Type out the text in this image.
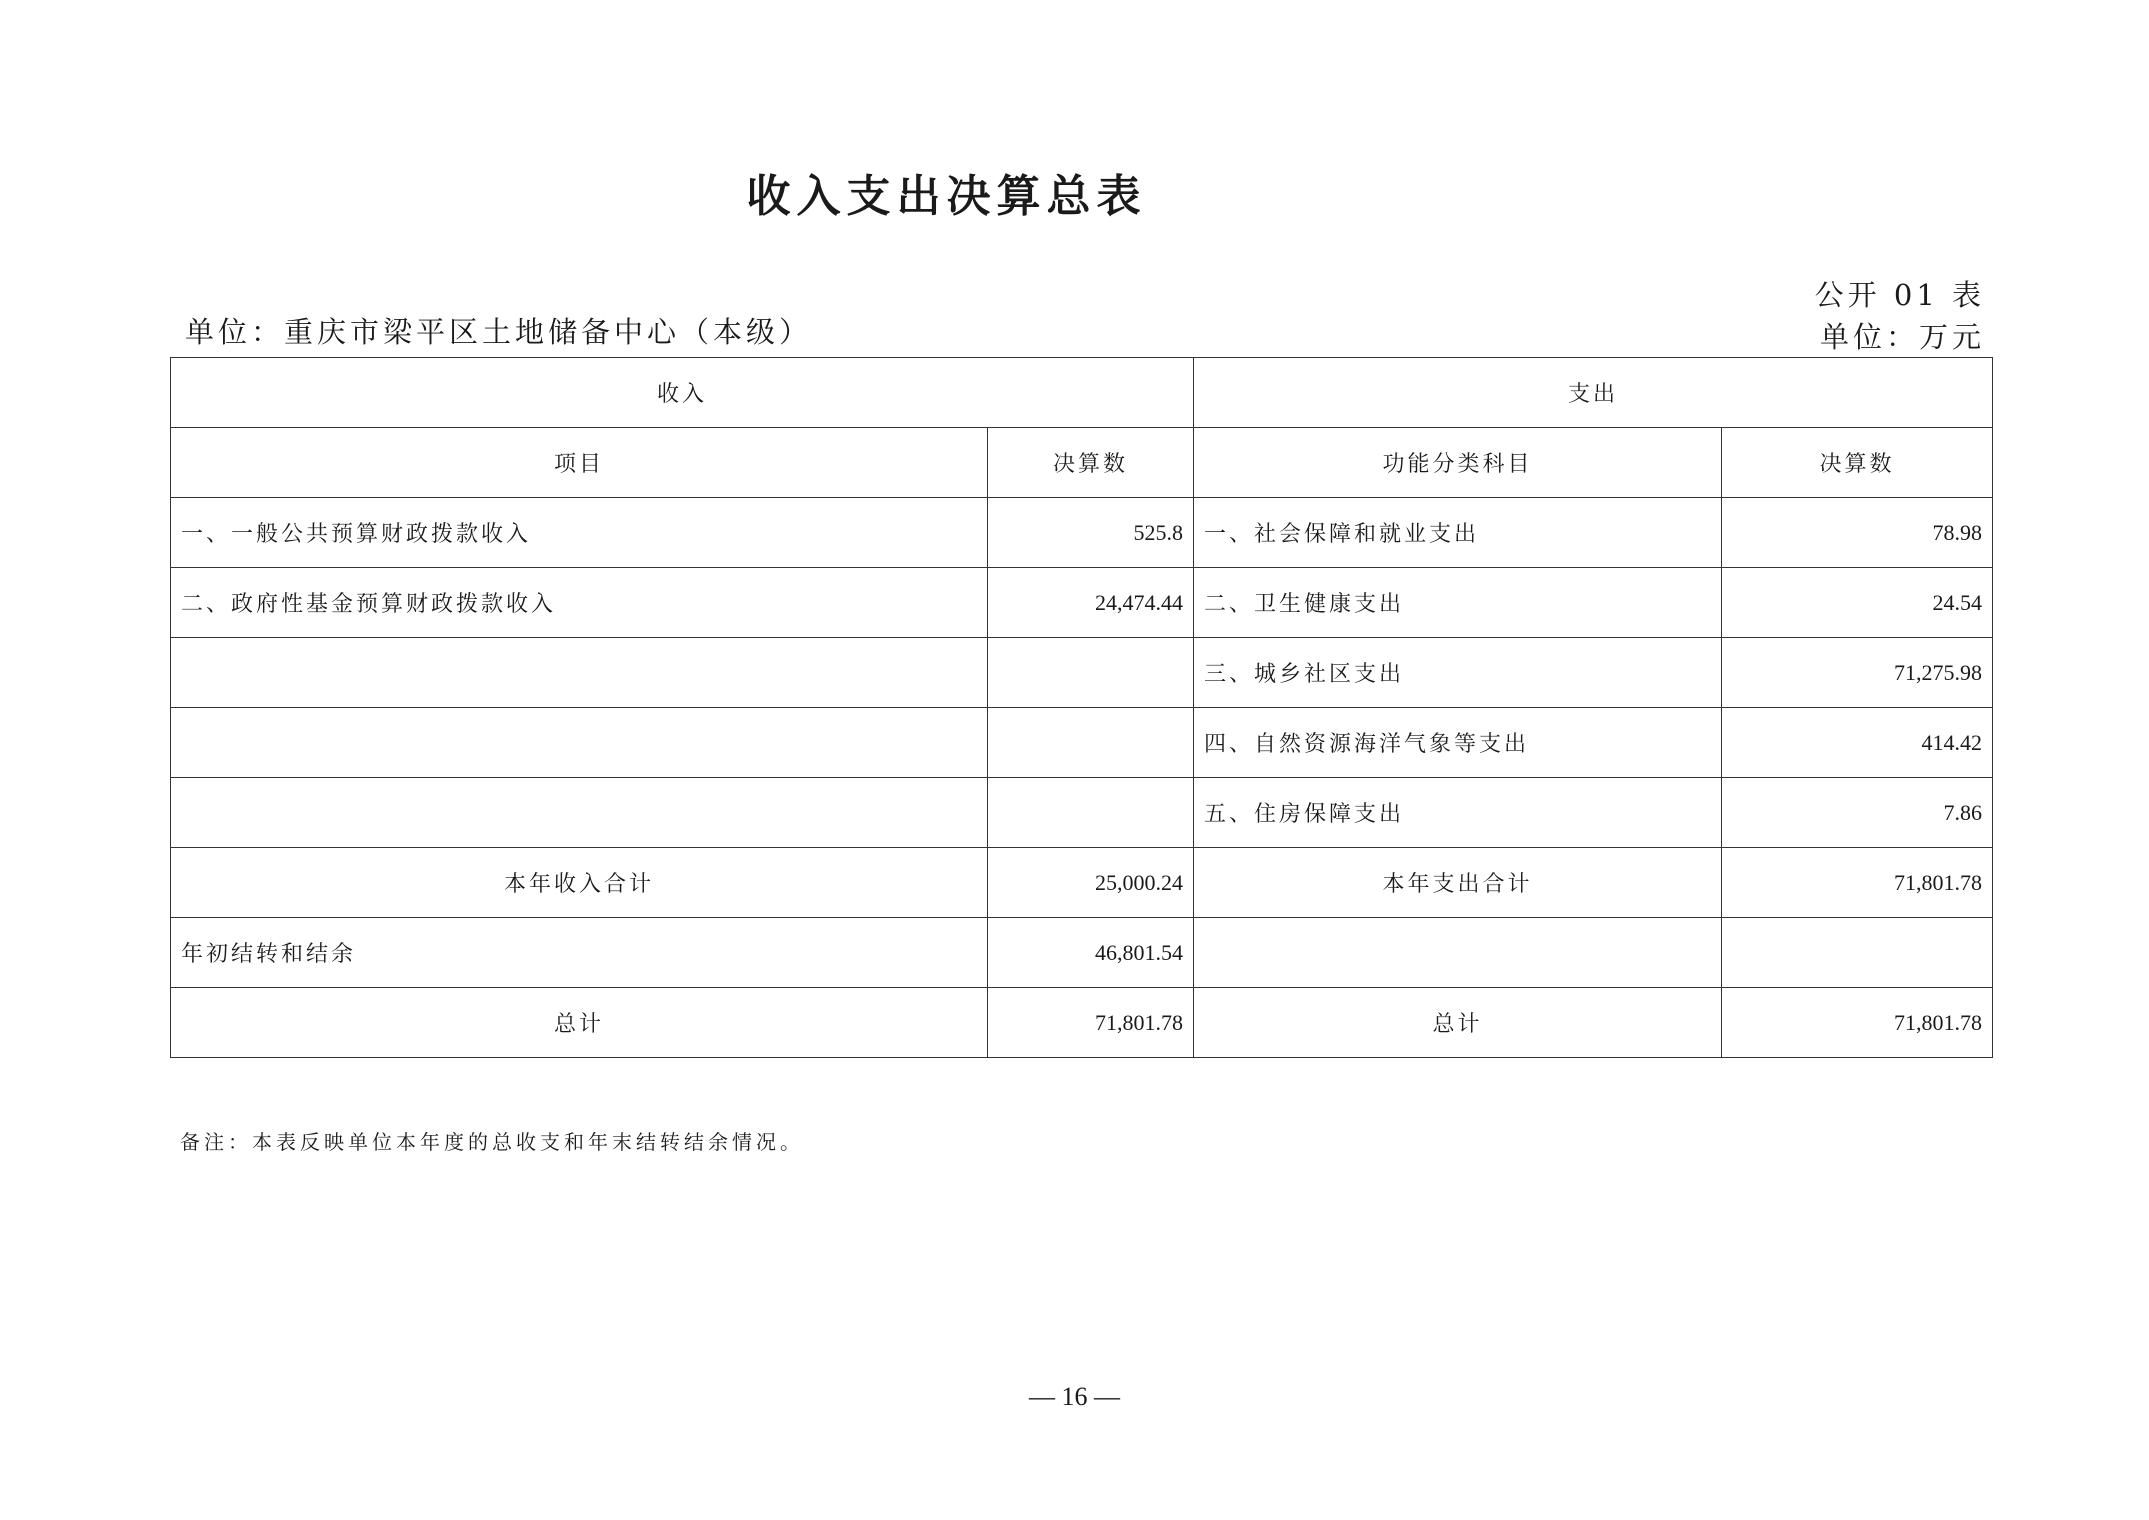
收入支出决算总表
单位：重庆市梁平区土地储备中心（本级）
公开 01 表
单位：万元
收入		支出	
项目	决算数	功能分类科目	决算数
一、一般公共预算财政拨款收入	525.8	一、社会保障和就业支出	78.98
二、政府性基金预算财政拨款收入	24,474.44	二、卫生健康支出	24.54
		三、城乡社区支出	71,275.98
		四、自然资源海洋气象等支出	414.42
		五、住房保障支出	7.86
本年收入合计	25,000.24	本年支出合计	71,801.78
年初结转和结余	46,801.54		
总计	71,801.78	总计	71,801.78
备注：本表反映单位本年度的总收支和年末结转结余情况。
— 16 —
